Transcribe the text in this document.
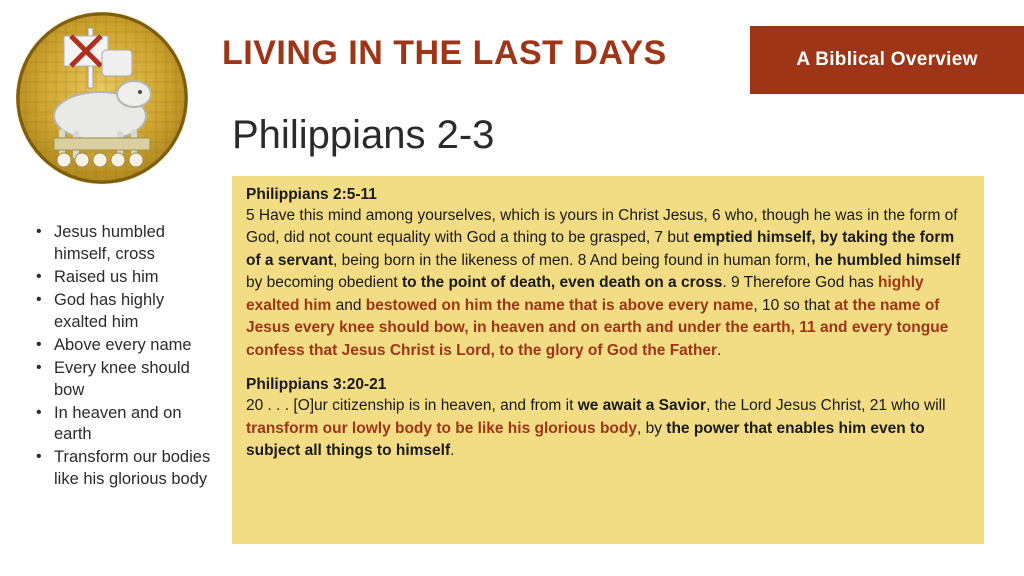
LIVING IN THE LAST DAYS	A Biblical Overview
Philippians 2-3
• Jesus humbled himself, cross
• Raised us him
• God has highly exalted him
• Above every name
• Every knee should bow
• In heaven and on earth
• Transform our bodies like his glorious body
Philippians 2:5-11
5 Have this mind among yourselves, which is yours in Christ Jesus, 6 who, though he was in the form of God, did not count equality with God a thing to be grasped, 7 but emptied himself, by taking the form of a servant, being born in the likeness of men. 8 And being found in human form, he humbled himself by becoming obedient to the point of death, even death on a cross. 9 Therefore God has highly exalted him and bestowed on him the name that is above every name, 10 so that at the name of Jesus every knee should bow, in heaven and on earth and under the earth, 11 and every tongue confess that Jesus Christ is Lord, to the glory of God the Father.
Philippians 3:20-21
20 . . . [O]ur citizenship is in heaven, and from it we await a Savior, the Lord Jesus Christ, 21 who will transform our lowly body to be like his glorious body, by the power that enables him even to subject all things to himself.
